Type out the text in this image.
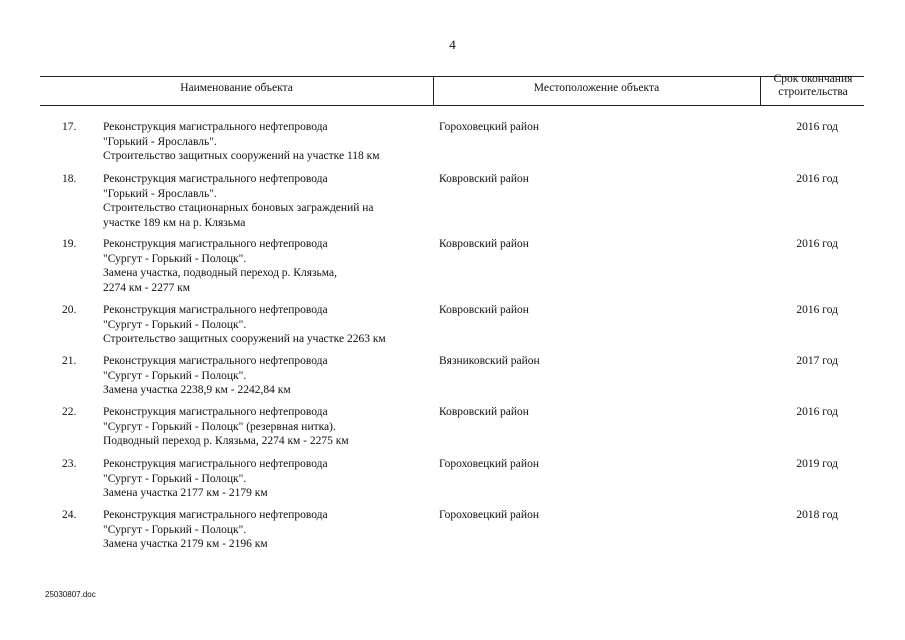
4
Наименование объекта	Местоположение объекта
Срок окончания
строительства
17.	Реконструкция магистрального нефтепровода
"Горький - Ярославль".
Строительство защитных сооружений на участке 118 км
Гороховецкий район	2016 год
18.	Реконструкция магистрального нефтепровода
"Горький - Ярославль".
Строительство стационарных боновых заграждений на
участке 189 км на р. Клязьма
Ковровский район	2016 год
19.	Реконструкция магистрального нефтепровода
"Сургут - Горький - Полоцк".
Замена участка, подводный переход р. Клязьма,
2274 км - 2277 км
Ковровский район	2016 год
20.	Реконструкция магистрального нефтепровода
"Сургут - Горький - Полоцк".
Строительство защитных сооружений на участке 2263 км
Ковровский район	2016 год
21.	Реконструкция магистрального нефтепровода
"Сургут - Горький - Полоцк".
Замена участка 2238,9 км - 2242,84 км
Вязниковский район	2017 год
22.	Реконструкция магистрального нефтепровода
"Сургут - Горький - Полоцк" (резервная нитка).
Подводный переход р. Клязьма, 2274 км - 2275 км
Ковровский район	2016 год
23.	Реконструкция магистрального нефтепровода
"Сургут - Горький - Полоцк".
Замена участка 2177 км - 2179 км
Гороховецкий район	2019 год
24.	Реконструкция магистрального нефтепровода
"Сургут - Горький - Полоцк".
Замена участка 2179 км - 2196 км
Гороховецкий район	2018 год
25030807.doc
